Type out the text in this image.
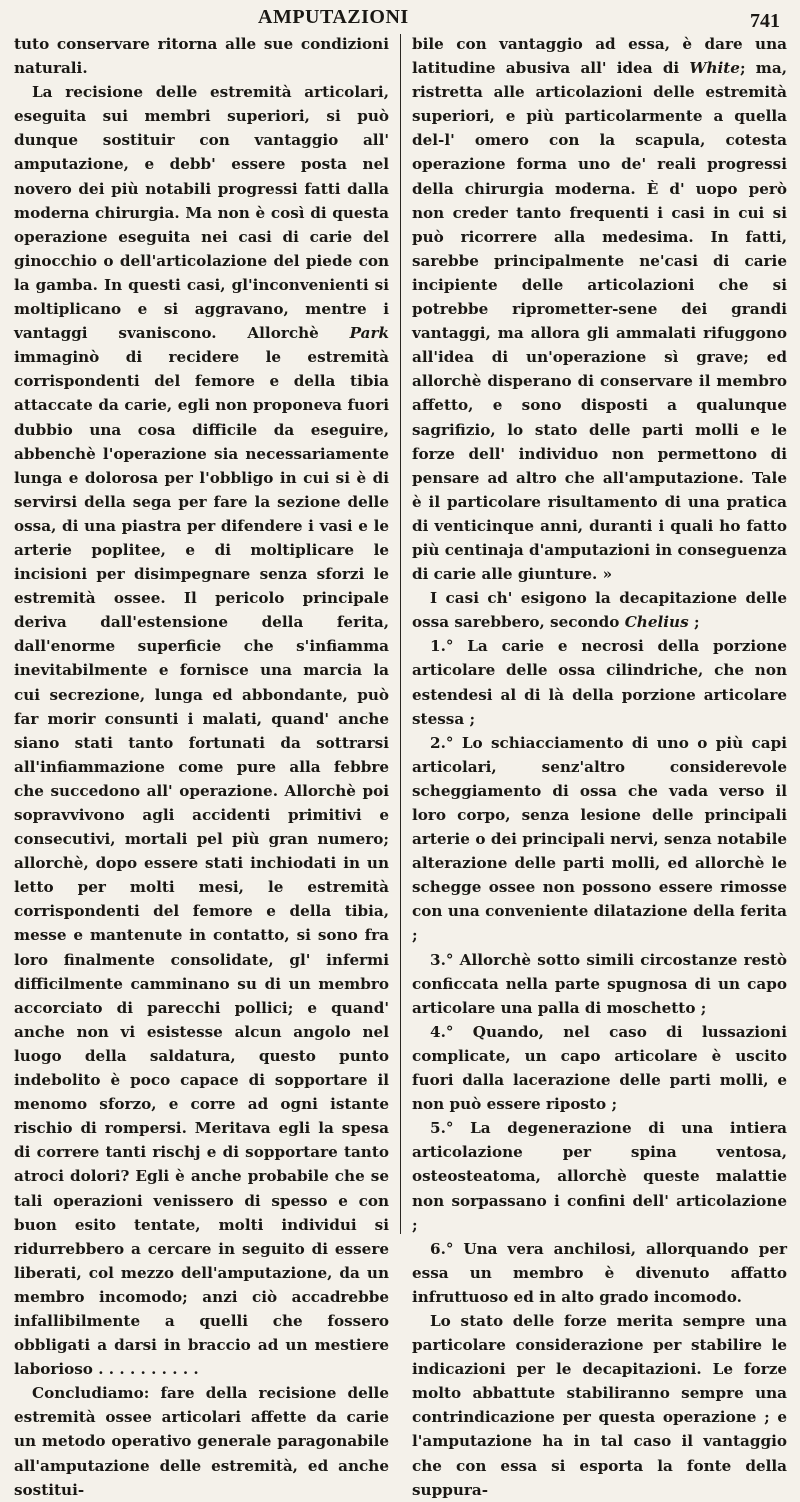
AMPUTAZIONI	741

tuto conservare ritorna alle sue condizioni naturali.

La recisione delle estremità articolari, eseguita sui membri superiori, si può dunque sostituir con vantaggio all' amputazione, e debb' essere posta nel novero dei più notabili progressi fatti dalla moderna chirurgia. Ma non è così di questa operazione eseguita nei casi di carie del ginocchio o dell'articolazione del piede con la gamba. In questi casi, gl'inconvenienti si moltiplicano e si aggravano, mentre i vantaggi svaniscono. Allorchè Park immaginò di recidere le estremità corrispondenti del femore e della tibia attaccate da carie, egli non proponeva fuori dubbio una cosa difficile da eseguire, abbenchè l'operazione sia necessariamente lunga e dolorosa per l'obbligo in cui si è di servirsi della sega per fare la sezione delle ossa, di una piastra per difendere i vasi e le arterie poplitee, e di moltiplicare le incisioni per disimpegnare senza sforzi le estremità ossee. Il pericolo principale deriva dall'estensione della ferita, dall'enorme superficie che s'infiamma inevitabilmente e fornisce una marcia la cui secrezione, lunga ed abbondante, può far morir consunti i malati, quand' anche siano stati tanto fortunati da sottrarsi all'infiammazione come pure alla febbre che succedono all' operazione. Allorchè poi sopravvivono agli accidenti primitivi e consecutivi, mortali pel più gran numero; allorchè, dopo essere stati inchiodati in un letto per molti mesi, le estremità corrispondenti del femore e della tibia, messe e mantenute in contatto, si sono fra loro finalmente consolidate, gl' infermi difficilmente camminano su di un membro accorciato di parecchi pollici; e quand' anche non vi esistesse alcun angolo nel luogo della saldatura, questo punto indebolito è poco capace di sopportare il menomo sforzo, e corre ad ogni istante rischio di rompersi. Meritava egli la spesa di correre tanti rischj e di sopportare tanto atroci dolori? Egli è anche probabile che se tali operazioni venissero di spesso e con buon esito tentate, molti individui si ridurrebbero a cercare in seguito di essere liberati, col mezzo dell'amputazione, da un membro incomodo; anzi ciò accadrebbe infallibilmente a quelli che fossero obbligati a darsi in braccio ad un mestiere laborioso . . . . . . . . . .

Concludiamo: fare della recisione delle estremità ossee articolari affette da carie un metodo operativo generale paragonabile all'amputazione delle estremità, ed anche sostitui-

bile con vantaggio ad essa, è dare una latitudine abusiva all' idea di White; ma, ristretta alle articolazioni delle estremità superiori, e più particolarmente a quella del-l' omero con la scapula, cotesta operazione forma uno de' reali progressi della chirurgia moderna. È d' uopo però non creder tanto frequenti i casi in cui si può ricorrere alla medesima. In fatti, sarebbe principalmente ne'casi di carie incipiente delle articolazioni che si potrebbe riprometter-sene dei grandi vantaggi, ma allora gli ammalati rifuggono all'idea di un'operazione sì grave; ed allorchè disperano di conservare il membro affetto, e sono disposti a qualunque sagrifizio, lo stato delle parti molli e le forze dell' individuo non permettono di pensare ad altro che all'amputazione. Tale è il particolare risultamento di una pratica di venticinque anni, duranti i quali ho fatto più centinaja d'amputazioni in conseguenza di carie alle giunture. »

I casi ch' esigono la decapitazione delle ossa sarebbero, secondo Chelius ;

1.° La carie e necrosi della porzione articolare delle ossa cilindriche, che non estendesi al di là della porzione articolare stessa ;

2.° Lo schiacciamento di uno o più capi articolari, senz'altro considerevole scheggiamento di ossa che vada verso il loro corpo, senza lesione delle principali arterie o dei principali nervi, senza notabile alterazione delle parti molli, ed allorchè le schegge ossee non possono essere rimosse con una conveniente dilatazione della ferita ;

3.° Allorchè sotto simili circostanze restò conficcata nella parte spugnosa di un capo articolare una palla di moschetto ;

4.° Quando, nel caso di lussazioni complicate, un capo articolare è uscito fuori dalla lacerazione delle parti molli, e non può essere riposto ;

5.° La degenerazione di una intiera articolazione per spina ventosa, osteosteatoma, allorchè queste malattie non sorpassano i confini dell' articolazione ;

6.° Una vera anchilosi, allorquando per essa un membro è divenuto affatto infruttuoso ed in alto grado incomodo.

Lo stato delle forze merita sempre una particolare considerazione per stabilire le indicazioni per le decapitazioni. Le forze molto abbattute stabiliranno sempre una contrindicazione per questa operazione ; e l'amputazione ha in tal caso il vantaggio che con essa si esporta la fonte della suppura-
